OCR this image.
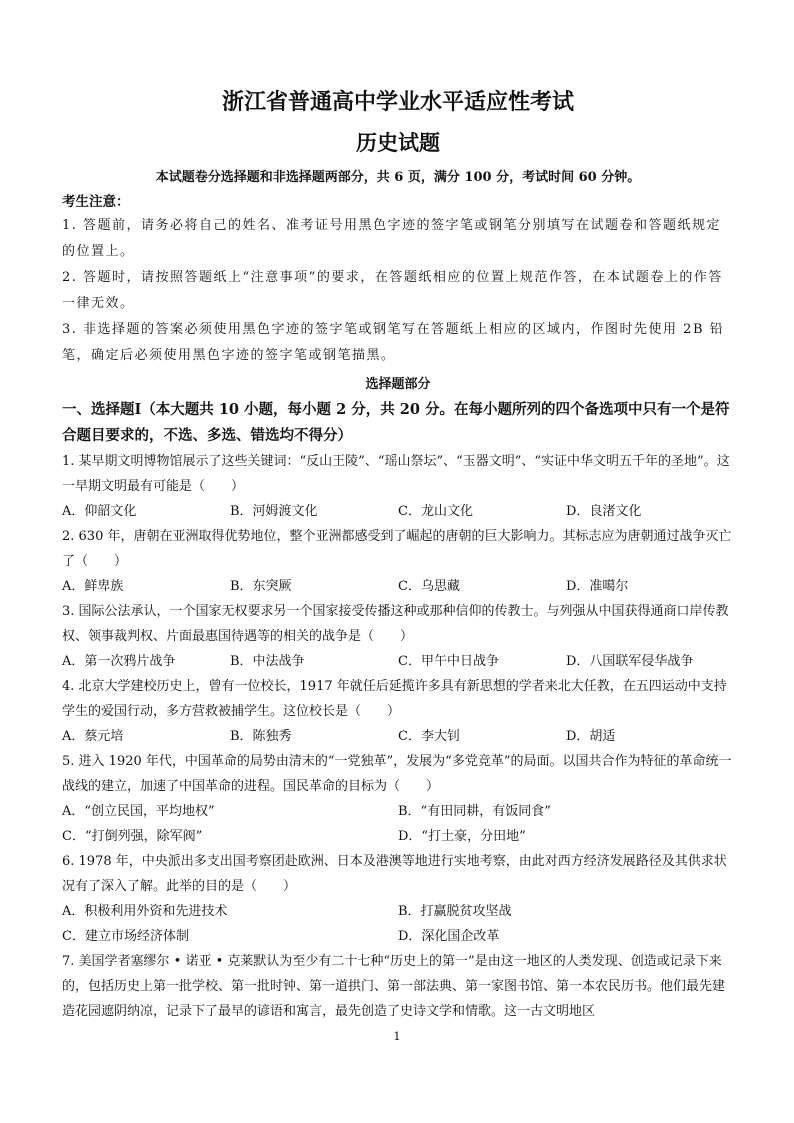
浙江省普通高中学业水平适应性考试
历史试题
本试题卷分选择题和非选择题两部分，共 6 页，满分 100 分，考试时间 60 分钟。
考生注意：
1. 答题前，请务必将自己的姓名、准考证号用黑色字迹的签字笔或钢笔分别填写在试题卷和答题纸规定的位置上。
2. 答题时，请按照答题纸上“注意事项”的要求，在答题纸相应的位置上规范作答，在本试题卷上的作答一律无效。
3. 非选择题的答案必须使用黑色字迹的签字笔或钢笔写在答题纸上相应的区域内，作图时先使用 2B 铅笔，确定后必须使用黑色字迹的签字笔或钢笔描黑。
选择题部分
一、选择题Ⅰ（本大题共 10 小题，每小题 2 分，共 20 分。在每小题所列的四个备选项中只有一个是符合题目要求的，不选、多选、错选均不得分）
1. 某早期文明博物馆展示了这些关键词：“反山王陵”、“瑶山祭坛”、“玉器文明”、“实证中华文明五千年的圣地”。这一早期文明最有可能是（　　）
A．仰韶文化	B．河姆渡文化	C．龙山文化	D．良渚文化
2. 630 年，唐朝在亚洲取得优势地位，整个亚洲都感受到了崛起的唐朝的巨大影响力。其标志应为唐朝通过战争灭亡了（　　）
A．鲜卑族	B．东突厥	C．乌思藏	D．准噶尔
3. 国际公法承认，一个国家无权要求另一个国家接受传播这种或那种信仰的传教士。与列强从中国获得通商口岸传教权、领事裁判权、片面最惠国待遇等的相关的战争是（　　）
A．第一次鸦片战争	B．中法战争	C．甲午中日战争	D．八国联军侵华战争
4. 北京大学建校历史上，曾有一位校长，1917 年就任后延揽许多具有新思想的学者来北大任教，在五四运动中支持学生的爱国行动，多方营救被捕学生。这位校长是（　　）
A．蔡元培	B．陈独秀	C．李大钊	D．胡适
5. 进入 1920 年代，中国革命的局势由清末的“一党独革”，发展为“多党竞革”的局面。以国共合作为特征的革命统一战线的建立，加速了中国革命的进程。国民革命的目标为（　　）
A．“创立民国，平均地权”	B．“有田同耕，有饭同食”
C．“打倒列强，除军阀”	D．“打土豪，分田地”
6. 1978 年，中央派出多支出国考察团赴欧洲、日本及港澳等地进行实地考察，由此对西方经济发展路径及其供求状况有了深入了解。此举的目的是（　　）
A．积极利用外资和先进技术	B．打赢脱贫攻坚战
C．建立市场经济体制	D．深化国企改革
7. 美国学者塞缪尔 • 诺亚 • 克莱默认为至少有二十七种“历史上的第一”是由这一地区的人类发现、创造或记录下来的，包括历史上第一批学校、第一批时钟、第一道拱门、第一部法典、第一家图书馆、第一本农民历书。他们最先建造花园遮阴纳凉，记录下了最早的谚语和寓言，最先创造了史诗文学和情歌。这一古文明地区
1
